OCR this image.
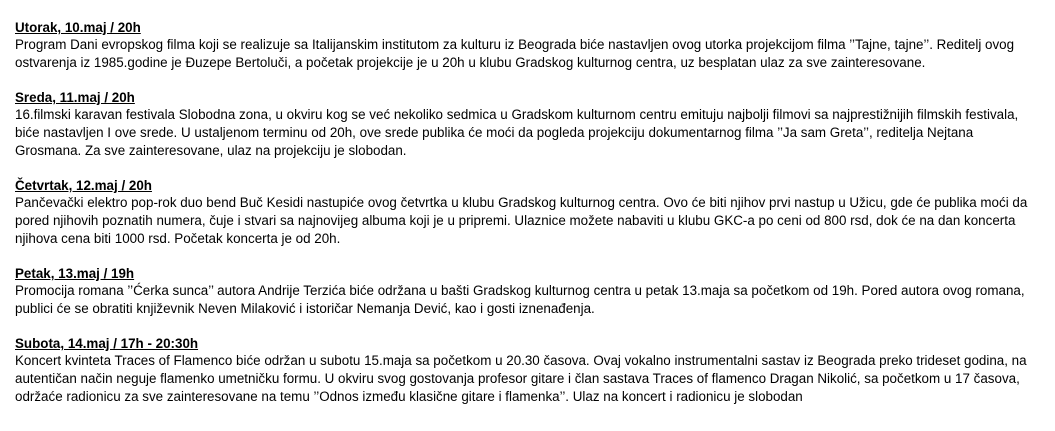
Utorak, 10.maj / 20h

Program Dani evropskog filma koji se realizuje sa Italijanskim institutom za kulturu iz Beograda biće nastavljen ovog utorka projekcijom filma ’’Tajne, tajne’’. Reditelj ovog ostvarenja iz 1985.godine je Đuzepe Bertoluči, a početak projekcije je u 20h u klubu Gradskog kulturnog centra, uz besplatan ulaz za sve zainteresovane.

Sreda, 11.maj / 20h

16.filmski karavan festivala Slobodna zona, u okviru kog se već nekoliko sedmica u Gradskom kulturnom centru emituju najbolji filmovi sa najprestižnijih filmskih festivala, biće nastavljen I ove srede. U ustaljenom terminu od 20h, ove srede publika će moći da pogleda projekciju dokumentarnog filma ’’Ja sam Greta’’, reditelja Nejtana Grosmana. Za sve zainteresovane, ulaz na projekciju je slobodan.

Četvrtak, 12.maj / 20h

Pančevački elektro pop-rok duo bend Buč Kesidi nastupiće ovog četvrtka u klubu Gradskog kulturnog centra. Ovo će biti njihov prvi nastup u Užicu, gde će publika moći da pored njihovih poznatih numera, čuje i stvari sa najnovijeg albuma koji je u pripremi. Ulaznice možete nabaviti u klubu GKC-a po ceni od 800 rsd, dok će na dan koncerta njihova cena biti 1000 rsd. Početak koncerta je od 20h.

Petak, 13.maj / 19h

Promocija romana ’’Ćerka sunca’’ autora Andrije Terzića biće održana u bašti Gradskog kulturnog centra u petak 13.maja sa početkom od 19h. Pored autora ovog romana, publici će se obratiti književnik Neven Milaković i istoričar Nemanja Dević, kao i gosti iznenađenja.

Subota, 14.maj / 17h - 20:30h

Koncert kvinteta Traces of Flamenco biće održan u subotu 15.maja sa početkom u 20.30 časova. Ovaj vokalno instrumentalni sastav iz Beograda preko trideset godina, na autentičan način neguje flamenko umetničku formu. U okviru svog gostovanja profesor gitare i član sastava Traces of flamenco Dragan Nikolić, sa početkom u 17 časova, održaće radionicu za sve zainteresovane na temu ’’Odnos između klasične gitare i flamenka’’. Ulaz na koncert i radionicu je slobodan
